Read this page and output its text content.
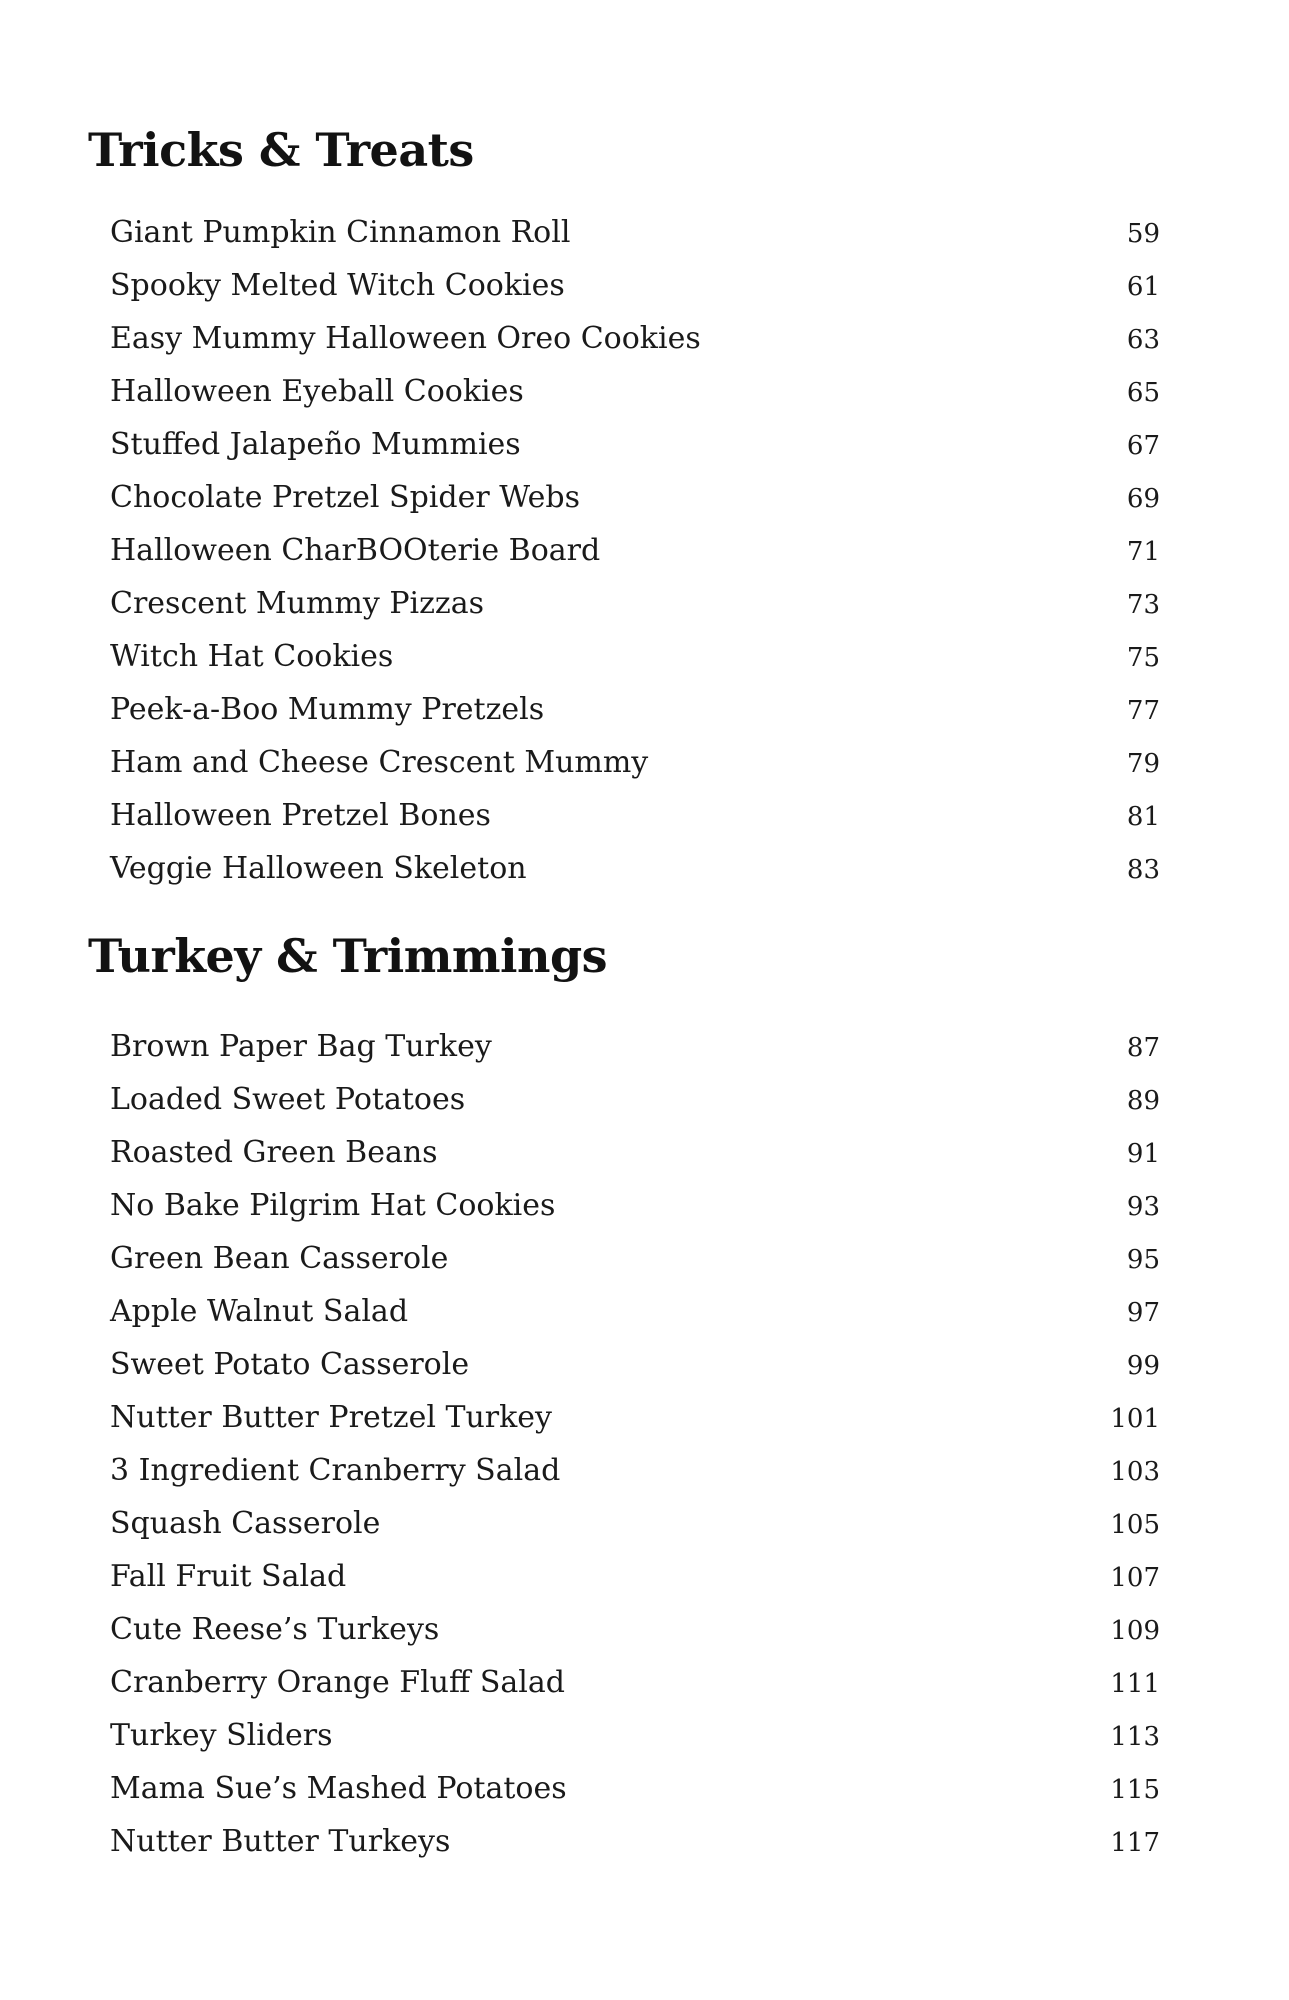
Tricks & Treats
Giant Pumpkin Cinnamon Roll	59
Spooky Melted Witch Cookies	61
Easy Mummy Halloween Oreo Cookies	63
Halloween Eyeball Cookies	65
Stuffed Jalapeño Mummies	67
Chocolate Pretzel Spider Webs	69
Halloween CharBOOterie Board	71
Crescent Mummy Pizzas	73
Witch Hat Cookies	75
Peek-a-Boo Mummy Pretzels	77
Ham and Cheese Crescent Mummy	79
Halloween Pretzel Bones	81
Veggie Halloween Skeleton	83
Turkey & Trimmings
Brown Paper Bag Turkey	87
Loaded Sweet Potatoes	89
Roasted Green Beans	91
No Bake Pilgrim Hat Cookies	93
Green Bean Casserole	95
Apple Walnut Salad	97
Sweet Potato Casserole	99
Nutter Butter Pretzel Turkey	101
3 Ingredient Cranberry Salad	103
Squash Casserole	105
Fall Fruit Salad	107
Cute Reese’s Turkeys	109
Cranberry Orange Fluff Salad	111
Turkey Sliders	113
Mama Sue’s Mashed Potatoes	115
Nutter Butter Turkeys	117
